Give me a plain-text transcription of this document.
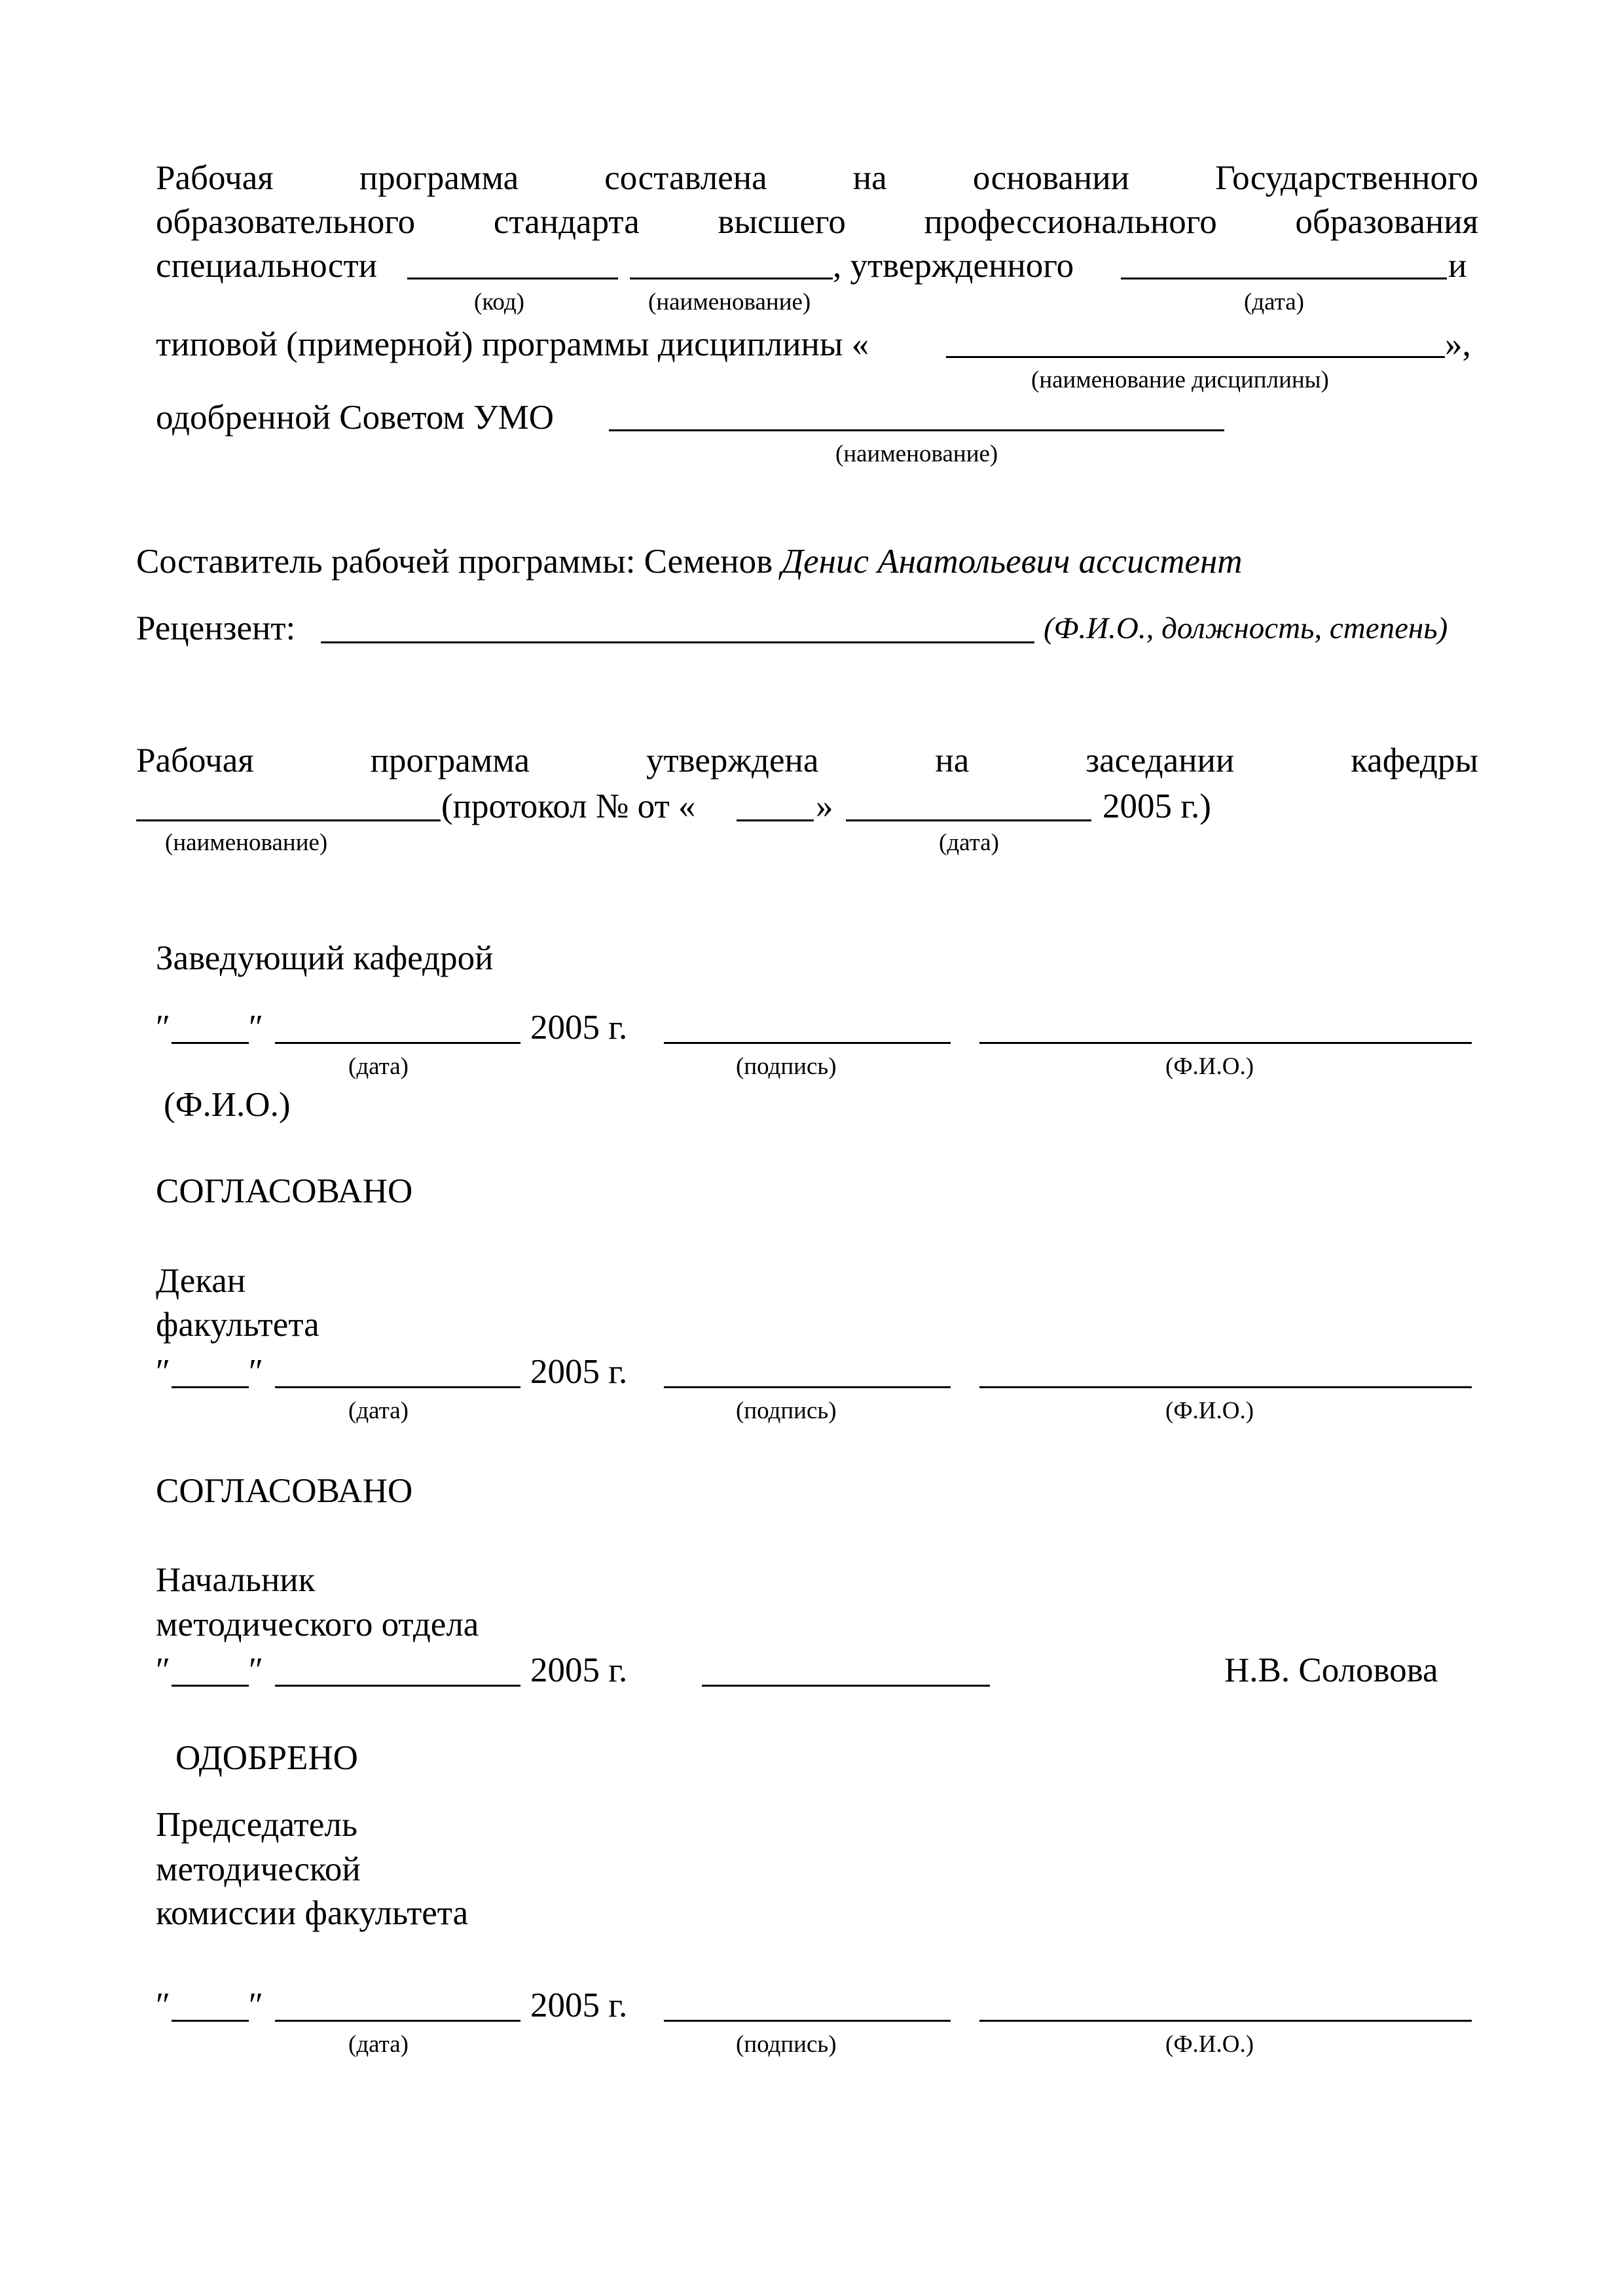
Рабочая программа составлена на основании Государственного
образовательного стандарта высшего профессионального образования
специальности	, утвержденного	и
(код)	(наименование)	(дата)
типовой (примерной) программы дисциплины «	»,
(наименование дисциплины)
одобренной Советом УМО
(наименование)
Составитель рабочей программы: Семенов Денис Анатольевич ассистент
Рецензент:	(Ф.И.О., должность, степень)
Рабочая	программа	утверждена	на	заседании	кафедры
(протокол № от «	»	2005 г.)
(наименование)	(дата)
Заведующий кафедрой
″ ″	2005 г.
(дата)	(подпись)	(Ф.И.О.)
(Ф.И.О.)
СОГЛАСОВАНО
Декан
факультета
″ ″	2005 г.
(дата)	(подпись)	(Ф.И.О.)
СОГЛАСОВАНО
Начальник
методического отдела
″ ″	2005 г.	Н.В. Соловова
ОДОБРЕНО
Председатель
методической
комиссии факультета
″ ″	2005 г.
(дата)	(подпись)	(Ф.И.О.)
